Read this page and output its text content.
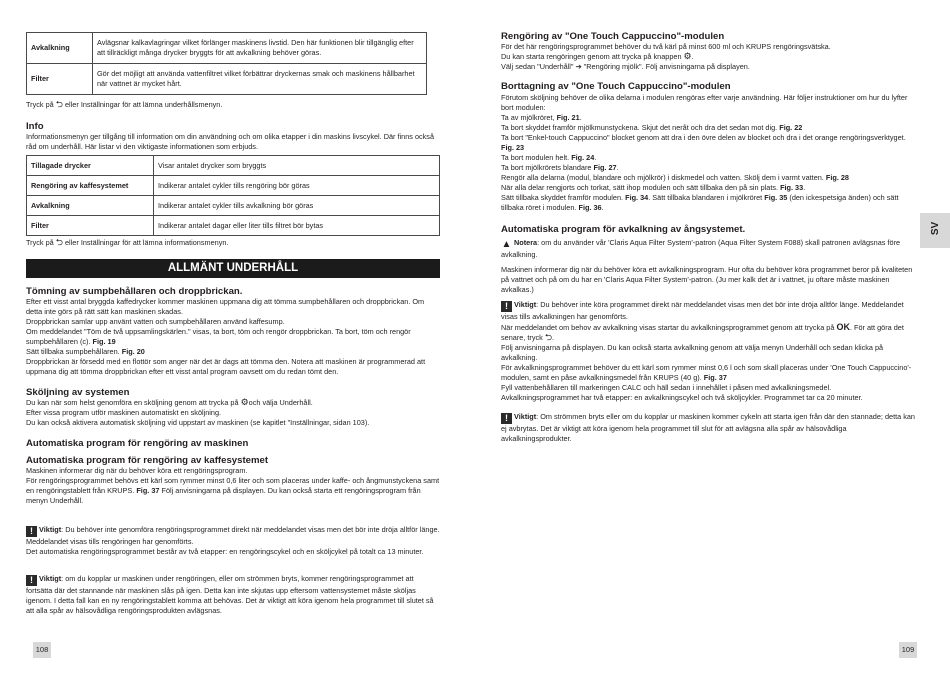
Avkalkning	Avlägsnar kalkavlagringar vilket förlänger maskinens livstid. Den här funktionen blir tillgänglig efter att tillräckligt många drycker bryggts för att avkalkning behöver göras.
Filter	Gör det möjligt att använda vattenfiltret vilket förbättrar dryckernas smak och maskinens hållbarhet när vattnet är mycket hårt.
Tryck på ⮌ eller Inställningar för att lämna underhållsmenyn.
Info
Informationsmenyn ger tillgång till information om din användning och om olika etapper i din maskins livscykel. Där finns också råd om underhåll. Här listar vi den viktigaste informationen som erbjuds.
Tillagade drycker	Visar antalet drycker som bryggts
Rengöring av kaffesystemet	Indikerar antalet cykler tills rengöring bör göras
Avkalkning	Indikerar antalet cykler tills avkalkning bör göras
Filter	Indikerar antalet dagar eller liter tills filtret bör bytas
Tryck på ⮌ eller Inställningar för att lämna informationsmenyn.
ALLMÄNT UNDERHÅLL
Tömning av sumpbehållaren och droppbrickan.
Efter ett visst antal bryggda kaffedrycker kommer maskinen uppmana dig att tömma sumpbehållaren och droppbrickan. Om detta inte görs på rätt sätt kan maskinen skadas.
Droppbrickan samlar upp använt vatten och sumpbehållaren använd kaffesump.
Om meddelandet "Töm de två uppsamlingskärlen." visas, ta bort, töm och rengör droppbrickan. Ta bort, töm och rengör sumpbehållaren (c). Fig. 19
Sätt tillbaka sumpbehållaren. Fig. 20
Droppbrickan är försedd med en flottör som anger när det är dags att tömma den. Notera att maskinen är programmerad att uppmana dig att tömma droppbrickan efter ett visst antal program oavsett om du redan tömt den.
Sköljning av systemen
Du kan när som helst genomföra en sköljning genom att trycka på ⚙och välja Underhåll.
Efter vissa program utför maskinen automatiskt en sköljning.
Du kan också aktivera automatisk sköljning vid uppstart av maskinen (se kapitlet "Inställningar, sidan 103).
Automatiska program för rengöring av maskinen
Automatiska program för rengöring av kaffesystemet
Maskinen informerar dig när du behöver köra ett rengöringsprogram.
För rengöringsprogrammet behövs ett kärl som rymmer minst 0,6 liter och som placeras under kaffe- och ångmunstyckena samt en rengöringstablett från KRUPS. Fig. 37 Följ anvisningarna på displayen. Du kan också starta ett rengöringsprogram från menyn Underhåll.
! Viktigt: Du behöver inte genomföra rengöringsprogrammet direkt när meddelandet visas men det bör inte dröja alltför länge. Meddelandet visas tills rengöringen har genomförts.
Det automatiska rengöringsprogrammet består av två etapper: en rengöringscykel och en sköljcykel på totalt ca 13 minuter.
! Viktigt: om du kopplar ur maskinen under rengöringen, eller om strömmen bryts, kommer rengöringsprogrammet att fortsätta där det stannande när maskinen slås på igen. Detta kan inte skjutas upp eftersom vattensystemet måste sköljas igenom. I detta fall kan en ny rengöringstablett komma att behövas. Det är viktigt att köra igenom hela programmet till slutet så att alla spår av hälsovådliga rengöringsprodukten avlägsnas.
108
Rengöring av "One Touch Cappuccino"-modulen
För det här rengöringsprogrammet behöver du två kärl på minst 600 ml och KRUPS rengöringsvätska.
Du kan starta rengöringen genom att trycka på knappen ⚙.
Välj sedan "Underhåll" ➔ "Rengöring mjölk". Följ anvisningarna på displayen.
Borttagning av "One Touch Cappuccino"-modulen
Förutom sköljning behöver de olika delarna i modulen rengöras efter varje användning. Här följer instruktioner om hur du lyfter bort modulen:
Ta av mjölkröret, Fig. 21.
Ta bort skyddet framför mjölkmunstyckena. Skjut det neråt och dra det sedan mot dig. Fig. 22
Ta bort "Enkel-touch Cappuccino" blocket genom att dra i den övre delen av blocket och dra i det orange rengöringsverktyget. Fig. 23
Ta bort modulen helt. Fig. 24.
Ta bort mjölkrörets blandare Fig. 27.
Rengör alla delarna (modul, blandare och mjölkrör) i diskmedel och vatten. Skölj dem i varmt vatten. Fig. 28
När alla delar rengjorts och torkat, sätt ihop modulen och sätt tillbaka den på sin plats. Fig. 33.
Sätt tillbaka skyddet framför modulen. Fig. 34. Sätt tillbaka blandaren i mjölkröret Fig. 35 (den ickespetsiga änden) och sätt tillbaka röret i modulen. Fig. 36.
Automatiska program för avkalkning av ångsystemet.
▲ Notera: om du använder vår 'Claris Aqua Filter System'-patron (Aqua Filter System F088) skall patronen avlägsnas före avkalkning.
Maskinen informerar dig när du behöver köra ett avkalkningsprogram. Hur ofta du behöver köra programmet beror på kvaliteten på vattnet och på om du har en 'Claris Aqua Filter System'-patron. (Ju mer kalk det är i vattnet, ju oftare måste maskinen avkalkas.)
! Viktigt: Du behöver inte köra programmet direkt när meddelandet visas men det bör inte dröja alltför länge. Meddelandet visas tills avkalkningen har genomförts.
När meddelandet om behov av avkalkning visas startar du avkalkningsprogrammet genom att trycka på OK. För att göra det senare, tryck ⮌.
Följ anvisningarna på displayen. Du kan också starta avkalkning genom att välja menyn Underhåll och sedan klicka på avkalkning.
För avkalkningsprogrammet behöver du ett kärl som rymmer minst 0,6 l och som skall placeras under 'One Touch Cappuccino'-modulen, samt en påse avkalkningsmedel från KRUPS (40 g). Fig. 37
Fyll vattenbehållaren till markeringen CALC och häll sedan i innehållet i påsen med avkalkningsmedel.
Avkalkningsprogrammet har två etapper: en avkalkningscykel och två sköljcykler. Programmet tar ca 20 minuter.
! Viktigt: Om strömmen bryts eller om du kopplar ur maskinen kommer cykeln att starta igen från där den stannade; detta kan ej avbrytas. Det är viktigt att köra igenom hela programmet till slut för att avlägsna alla spår av hälsovådliga avkalkningsprodukter.
109
SV
